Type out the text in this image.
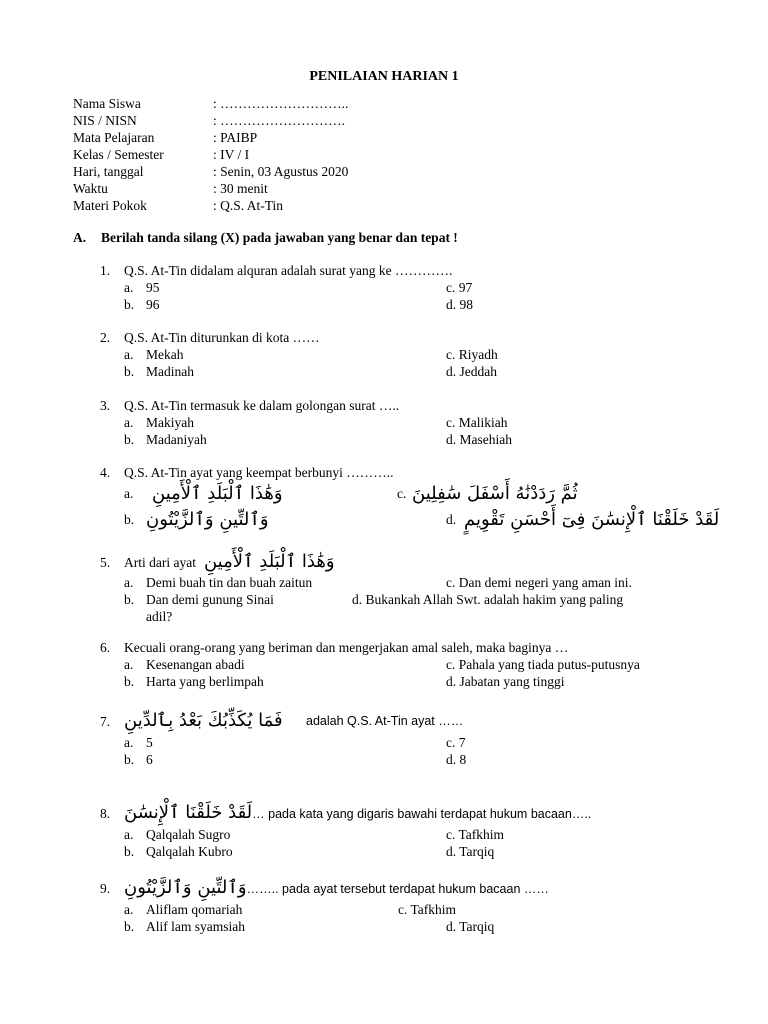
PENILAIAN HARIAN 1
Nama Siswa	: ………………………..
NIS / NISN	: ……………………….
Mata Pelajaran	: PAIBP
Kelas / Semester	: IV / I
Hari, tanggal	: Senin, 03 Agustus 2020
Waktu	: 30 menit
Materi Pokok	: Q.S. At-Tin
A. Berilah tanda silang (X) pada jawaban yang benar dan tepat !
1. Q.S. At-Tin didalam alquran adalah surat yang ke ………….
a. 95	c. 97
b. 96	d. 98
2. Q.S. At-Tin diturunkan di kota ……
a. Mekah	c. Riyadh
b. Madinah	d. Jeddah
3. Q.S. At-Tin termasuk ke dalam golongan surat …..
a. Makiyah	c. Malikiah
b. Madaniyah	d. Masehiah
4. Q.S. At-Tin ayat yang keempat berbunyi ………..
a. وَهَٰذَا ٱلْبَلَدِ ٱلْأَمِينِ	c. ثُمَّ رَدَدْنَٰهُ أَسْفَلَ سَٰفِلِينَ
b. وَٱلتِّينِ وَٱلزَّيْتُونِ	d. لَقَدْ خَلَقْنَا ٱلْإِنسَٰنَ فِىٓ أَحْسَنِ تَقْوِيمٍ
5. Arti dari ayat وَهَٰذَا ٱلْبَلَدِ ٱلْأَمِينِ
a. Demi buah tin dan buah zaitun	c. Dan demi negeri yang aman ini.
b. Dan demi gunung Sinai	d. Bukankah Allah Swt. adalah hakim yang paling
adil?
6. Kecuali orang-orang yang beriman dan mengerjakan amal saleh, maka baginya …
a. Kesenangan abadi	c. Pahala yang tiada putus-putusnya
b. Harta yang berlimpah	d. Jabatan yang tinggi
7. فَمَا يُكَذِّبُكَ بَعْدُ بِٱلدِّينِ adalah Q.S. At-Tin ayat ……
a. 5	c. 7
b. 6	d. 8
8. لَقَدْ خَلَقْنَا ٱلْإِنسَٰنَ… pada kata yang digaris bawahi terdapat hukum bacaan…..
a. Qalqalah Sugro	c. Tafkhim
b. Qalqalah Kubro	d. Tarqiq
9. وَٱلتِّينِ وَٱلزَّيْتُونِ…….. pada ayat tersebut terdapat hukum bacaan ……
a. Aliflam qomariah	c. Tafkhim
b. Alif lam syamsiah	d. Tarqiq
